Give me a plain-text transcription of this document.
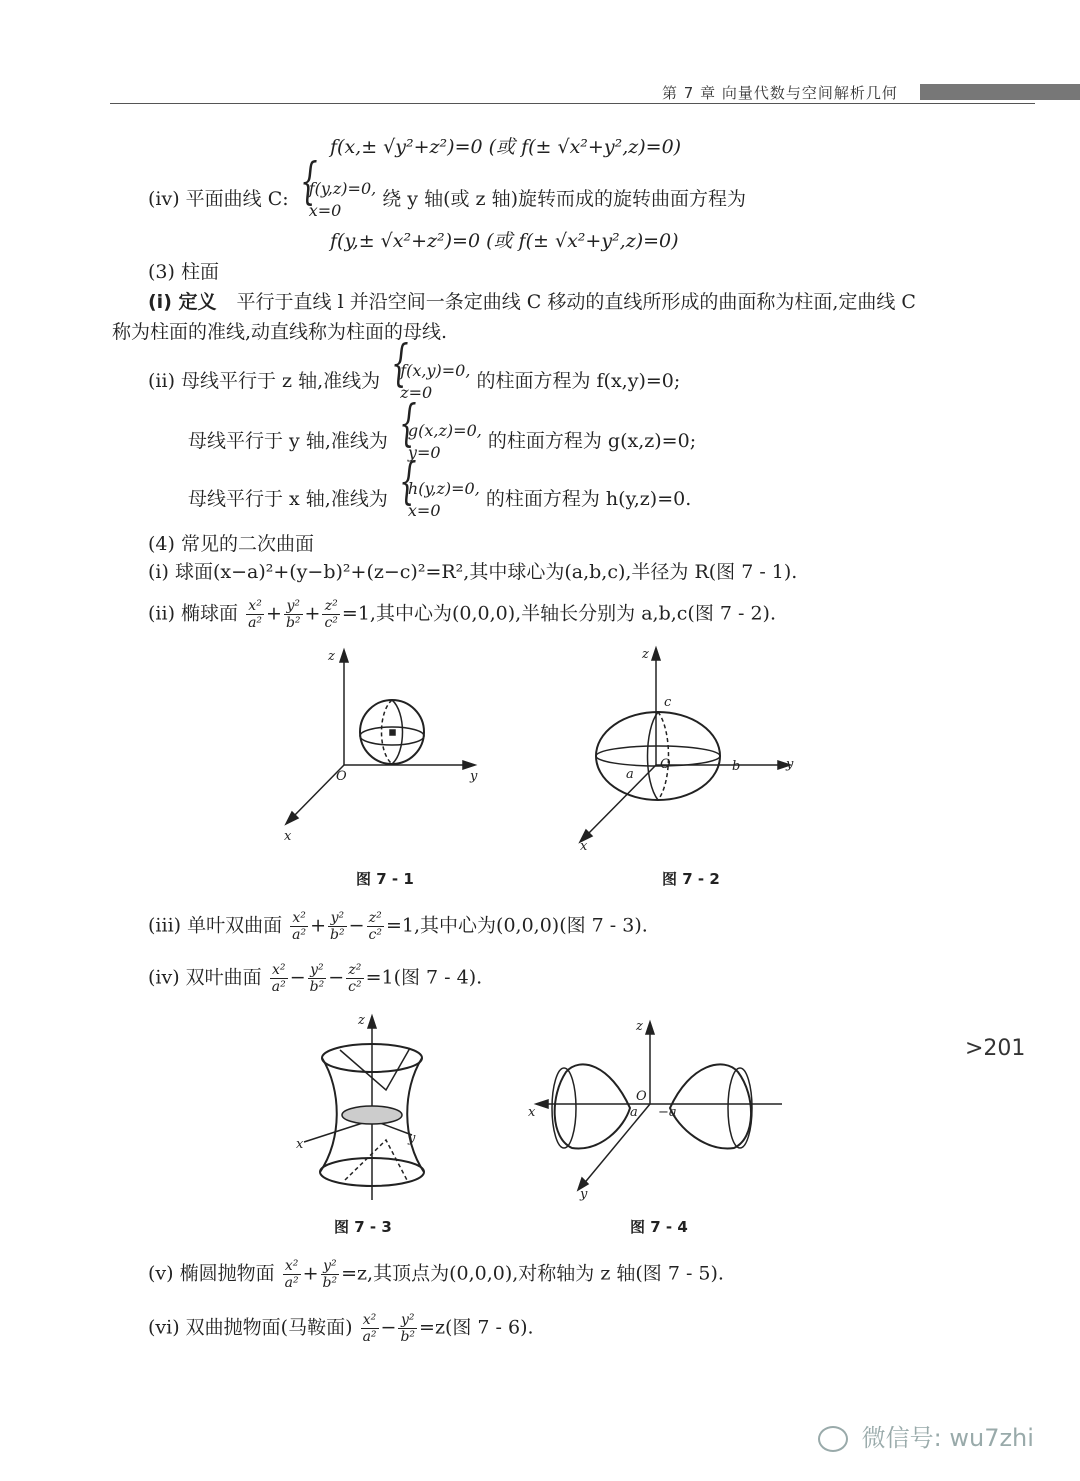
第 7 章 向量代数与空间解析几何
f(x,± √y²+z²)=0 (或 f(± √x²+y²,z)=0)
(iv) 平面曲线 C: { f(y,z)=0,
x=0
绕 y 轴(或 z 轴)旋转而成的旋转曲面方程为
f(y,± √x²+z²)=0 (或 f(± √x²+y²,z)=0)
(3) 柱面
(i) 定义 平行于直线 l 并沿空间一条定曲线 C 移动的直线所形成的曲面称为柱面,定曲线 C
称为柱面的准线,动直线称为柱面的母线.
(ii) 母线平行于 z 轴,准线为 { f(x,y)=0,
z=0
的柱面方程为 f(x,y)=0;
母线平行于 y 轴,准线为 { g(x,z)=0,
y=0
的柱面方程为 g(x,z)=0;
母线平行于 x 轴,准线为 { h(y,z)=0,
x=0
的柱面方程为 h(y,z)=0.
(4) 常见的二次曲面
(i) 球面(x−a)²+(y−b)²+(z−c)²=R²,其中球心为(a,b,c),半径为 R(图 7 - 1).
(ii) 椭球面 $\frac{\text{x²}}{\text{a²}} + \frac{\text{y²}}{\text{b²}} + \frac{\text{z²}}{\text{c²}} =1$,其中心为(0,0,0),半轴长分别为 a,b,c(图 7 - 2).
z
y
x
O
图 7 - 1
z
y
x
O
a
b
c
图 7 - 2
(iii) 单叶双曲面 $\frac{\text{x²}}{\text{a²}} + \frac{\text{y²}}{\text{b²}} - \frac{\text{z²}}{\text{c²}} =1$,其中心为(0,0,0)(图 7 - 3).
(iv) 双叶曲面 $\frac{\text{x²}}{\text{a²}} - \frac{\text{y²}}{\text{b²}} - \frac{\text{z²}}{\text{c²}} =1$(图 7 - 4).
z
y
x
图 7 - 3
z
x
y
O
a −a
图 7 - 4
(v) 椭圆抛物面 $\frac{\text{x²}}{\text{a²}} + \frac{\text{y²}}{\text{b²}} =z$,其顶点为(0,0,0),对称轴为 z 轴(图 7 - 5).
(vi) 双曲抛物面(马鞍面) $\frac{\text{x²}}{\text{a²}} - \frac{\text{y²}}{\text{b²}} =z$(图 7 - 6).
>201
微信号: wu7zhi
